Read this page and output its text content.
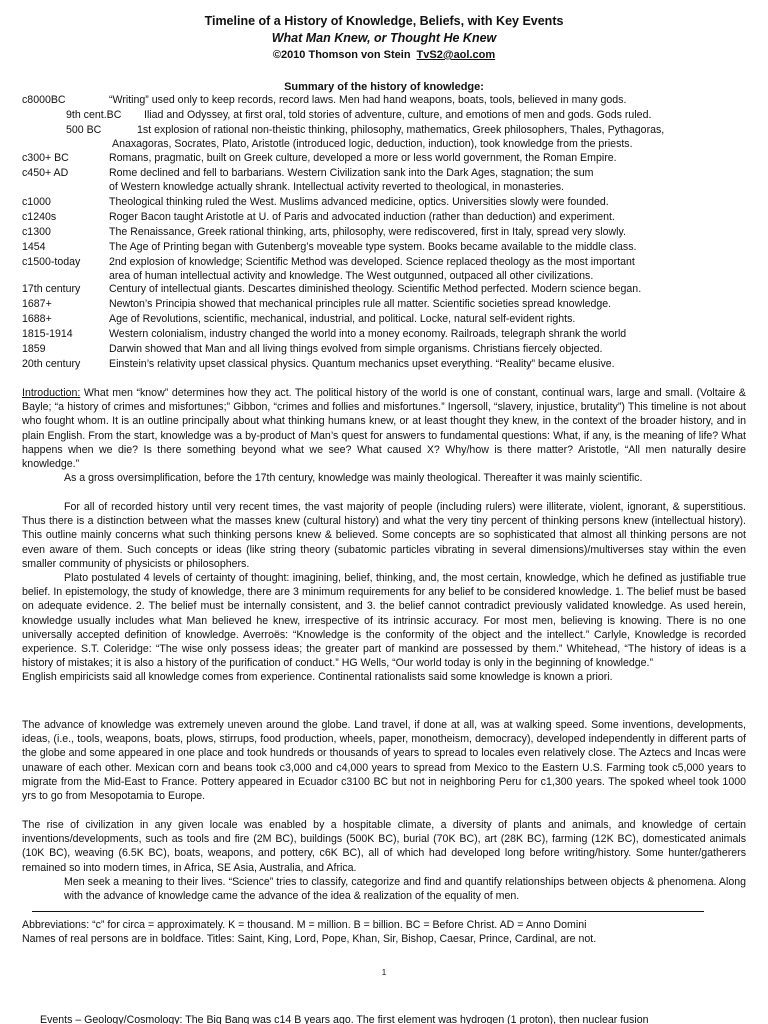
Timeline of a History of Knowledge, Beliefs, with Key Events
What Man Knew, or Thought He Knew
©2010 Thomson von Stein TvS2@aol.com
Summary of the history of knowledge:
c8000BC	“Writing” used only to keep records, record laws. Men had hand weapons, boats, tools, believed in many gods.
9th cent.BC Iliad and Odyssey, at first oral, told stories of adventure, culture, and emotions of men and gods. Gods ruled.
500 BC	1st explosion of rational non-theistic thinking, philosophy, mathematics, Greek philosophers, Thales, Pythagoras,
Anaxagoras, Socrates, Plato, Aristotle (introduced logic, deduction, induction), took knowledge from the priests.
c300+ BC	Romans, pragmatic, built on Greek culture, developed a more or less world government, the Roman Empire.
c450+ AD	Rome declined and fell to barbarians. Western Civilization sank into the Dark Ages, stagnation; the sum
of Western knowledge actually shrank. Intellectual activity reverted to theological, in monasteries.
c1000	Theological thinking ruled the West. Muslims advanced medicine, optics. Universities slowly were founded.
c1240s	Roger Bacon taught Aristotle at U. of Paris and advocated induction (rather than deduction) and experiment.
c1300	The Renaissance, Greek rational thinking, arts, philosophy, were rediscovered, first in Italy, spread very slowly.
1454	The Age of Printing began with Gutenberg’s moveable type system. Books became available to the middle class.
c1500-today	2nd explosion of knowledge; Scientific Method was developed. Science replaced theology as the most important
area of human intellectual activity and knowledge. The West outgunned, outpaced all other civilizations.
17th century	Century of intellectual giants. Descartes diminished theology. Scientific Method perfected. Modern science began.
1687+	Newton’s Principia showed that mechanical principles rule all matter. Scientific societies spread knowledge.
1688+	Age of Revolutions, scientific, mechanical, industrial, and political. Locke, natural self-evident rights.
1815-1914	Western colonialism, industry changed the world into a money economy. Railroads, telegraph shrank the world
1859	Darwin showed that Man and all living things evolved from simple organisms. Christians fiercely objected.
20th century	Einstein’s relativity upset classical physics. Quantum mechanics upset everything. “Reality” became elusive.

Introduction: What men “know” determines how they act. The political history of the world is one of constant, continual wars, large and small. (Voltaire & Bayle; “a history of crimes and misfortunes;” Gibbon, “crimes and follies and misfortunes.” Ingersoll, “slavery, injustice, brutality”) This timeline is not about who fought whom. It is an outline principally about what thinking humans knew, or at least thought they knew, in the context of the broader history, and in plain English. From the start, knowledge was a by-product of Man’s quest for answers to fundamental questions: What, if any, is the meaning of life? What happens when we die? Is there something beyond what we see? What caused X? Why/how is there matter? Aristotle, “All men naturally desire knowledge.”

As a gross oversimplification, before the 17th century, knowledge was mainly theological. Thereafter it was mainly scientific.

For all of recorded history until very recent times, the vast majority of people (including rulers) were illiterate, violent, ignorant, & superstitious. Thus there is a distinction between what the masses knew (cultural history) and what the very tiny percent of thinking persons knew (intellectual history). This outline mainly concerns what such thinking persons knew & believed. Some concepts are so sophisticated that almost all thinking persons are not even aware of them. Such concepts or ideas (like string theory (subatomic particles vibrating in several dimensions)/multiverses stay within the even smaller community of physicists or philosophers.

Plato postulated 4 levels of certainty of thought: imagining, belief, thinking, and, the most certain, knowledge, which he defined as justifiable true belief. In epistemology, the study of knowledge, there are 3 minimum requirements for any belief to be considered knowledge. 1. The belief must be based on adequate evidence. 2. The belief must be internally consistent, and 3. the belief cannot contradict previously validated knowledge. As used herein, knowledge usually includes what Man believed he knew, irrespective of its intrinsic accuracy. For most men, believing is knowing. There is no one universally accepted definition of knowledge. Averroës: “Knowledge is the conformity of the object and the intellect.” Carlyle, Knowledge is recorded experience. S.T. Coleridge: “The wise only possess ideas; the greater part of mankind are possessed by them.” Whitehead, “The history of ideas is a history of mistakes; it is also a history of the purification of conduct.” HG Wells, “Our world today is only in the beginning of knowledge.”

English empiricists said all knowledge comes from experience. Continental rationalists said some knowledge is known a priori.

The advance of knowledge was extremely uneven around the globe. Land travel, if done at all, was at walking speed. Some inventions, developments, ideas, (i.e., tools, weapons, boats, plows, stirrups, food production, wheels, paper, monotheism, democracy), developed independently in different parts of the globe and some appeared in one place and took hundreds or thousands of years to spread to locales even relatively close. The Aztecs and Incas were unaware of each other. Mexican corn and beans took c3,000 and c4,000 years to spread from Mexico to the Eastern U.S. Farming took c5,000 years to migrate from the Mid-East to France. Pottery appeared in Ecuador c3100 BC but not in neighboring Peru for c1,300 years. The spoked wheel took 1000 yrs to go from Mesopotamia to Europe.

The rise of civilization in any given locale was enabled by a hospitable climate, a diversity of plants and animals, and knowledge of certain inventions/developments, such as tools and fire (2M BC), buildings (500K BC), burial (70K BC), art (28K BC), farming (12K BC), domesticated animals (10K BC), weaving (6.5K BC), boats, weapons, and pottery, c6K BC), all of which had developed long before writing/history. Some hunter/gatherers remained so into modern times, in Africa, SE Asia, Australia, and Africa.

Men seek a meaning to their lives. “Science” tries to classify, categorize and find and quantify relationships between objects & phenomena. Along with the advance of knowledge came the advance of the idea & realization of the equality of men.

Abbreviations: “c” for circa = approximately. K = thousand. M = million. B = billion. BC = Before Christ. AD = Anno Domini

Names of real persons are in boldface. Titles: Saint, King, Lord, Pope, Khan, Sir, Bishop, Caesar, Prince, Cardinal, are not.

1
Events – Geology/Cosmology: The Big Bang was c14 B years ago. The first element was hydrogen (1 proton), then nuclear fusion
